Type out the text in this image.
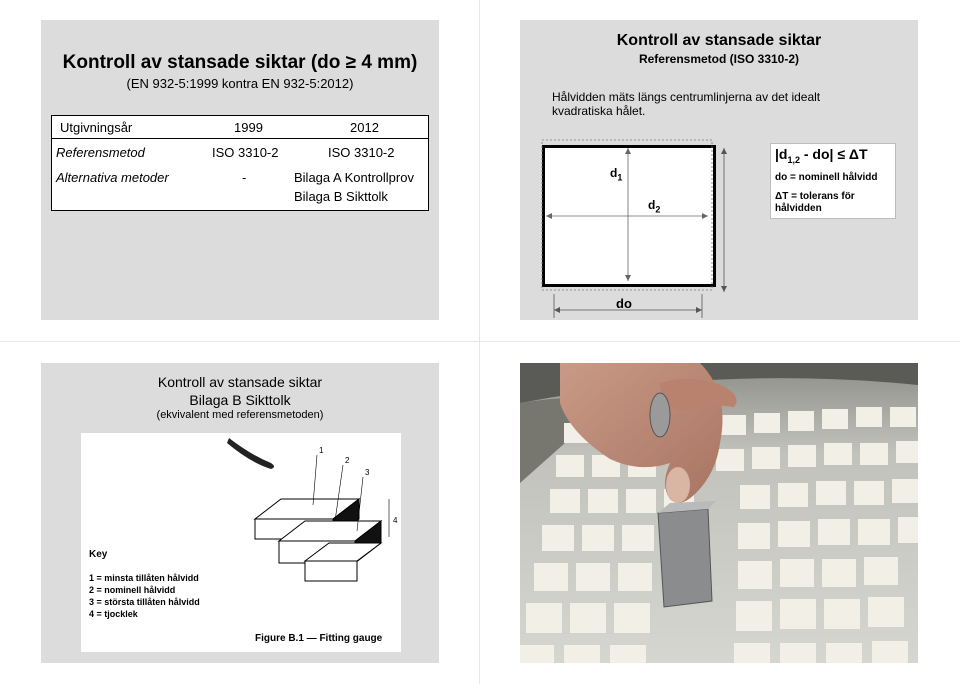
Kontroll av stansade siktar (do ≥ 4 mm)
(EN 932-5:1999 kontra EN 932-5:2012)
Utgivningsår	1999	2012
Referensmetod	ISO 3310-2	ISO 3310-2
Alternativa metoder	-	Bilaga A Kontrollprov
Bilaga B Sikttolk
Kontroll av stansade siktar
Referensmetod (ISO 3310-2)
Hålvidden mäts längs centrumlinjerna av det idealt
kvadratiska hålet.
$d_1$
$d_2$
do
$|d_{1,2} - do| \le \Delta T$
do = nominell hålvidd
ΔT = tolerans för
hålvidden
Kontroll av stansade siktar
Bilaga B Sikttolk
(ekvivalent med referensmetoden)
1
2
3
4
Key
1 = minsta tillåten hålvidd
2 = nominell hålvidd
3 = största tillåten hålvidd
4 = tjocklek
Figure B.1 — Fitting gauge
